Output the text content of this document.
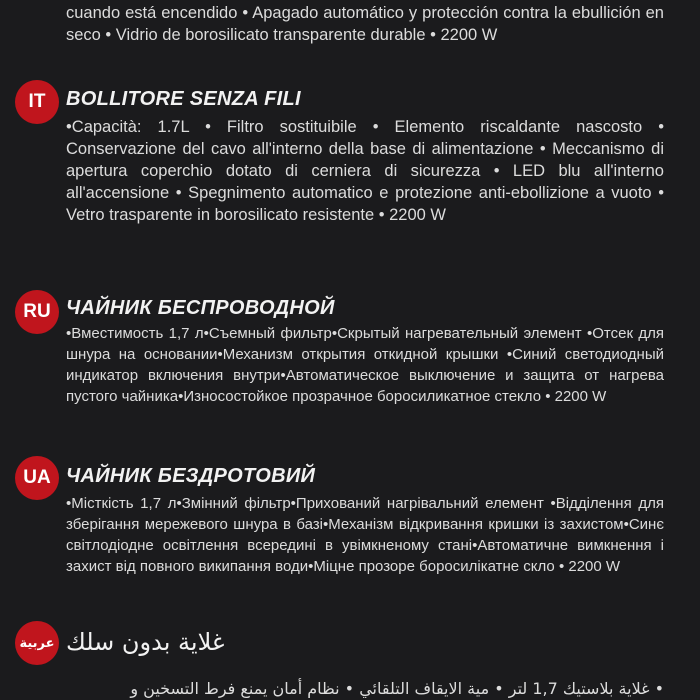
cuando está encendido • Apagado automático y protección contra la ebullición en seco • Vidrio de borosilicato transparente durable • 2200 W
IT	BOLLITORE SENZA FILI
•Capacità: 1.7L • Filtro sostituibile • Elemento riscaldante nascosto • Conservazione del cavo all'interno della base di alimentazione • Meccanismo di apertura coperchio dotato di cerniera di sicurezza • LED blu all'interno all'accensione • Spegnimento automatico e protezione anti-ebollizione a vuoto • Vetro trasparente in borosilicato resistente • 2200 W
RU ЧАЙНИК БЕСПРОВОДНОЙ
•Вместимость 1,7 л•Съемный фильтр•Скрытый нагревательный элемент •Отсек для шнура на основании•Механизм открытия откидной крышки •Синий светодиодный индикатор включения внутри•Автоматическое выключение и защита от нагрева пустого чайника•Износостойкое прозрачное боросиликатное стекло • 2200 W
UA ЧАЙНИК БЕЗДРОТОВИЙ
•Місткість 1,7 л•Змінний фільтр•Прихований нагрівальний елемент •Відділення для зберігання мережевого шнура в базі•Механізм відкривання кришки із захистом•Синє світлодіодне освітлення всередині в увімкненому стані•Автоматичне вимкнення і захист від повного википання води•Міцне прозоре боросилікатне скло • 2200 W
عربية غلاية بدون سلك
• غلاية بلاستيك 1,7 لتر • مية الايقاف التلقائي • نظام أمان يمنع فرط التسخين و
